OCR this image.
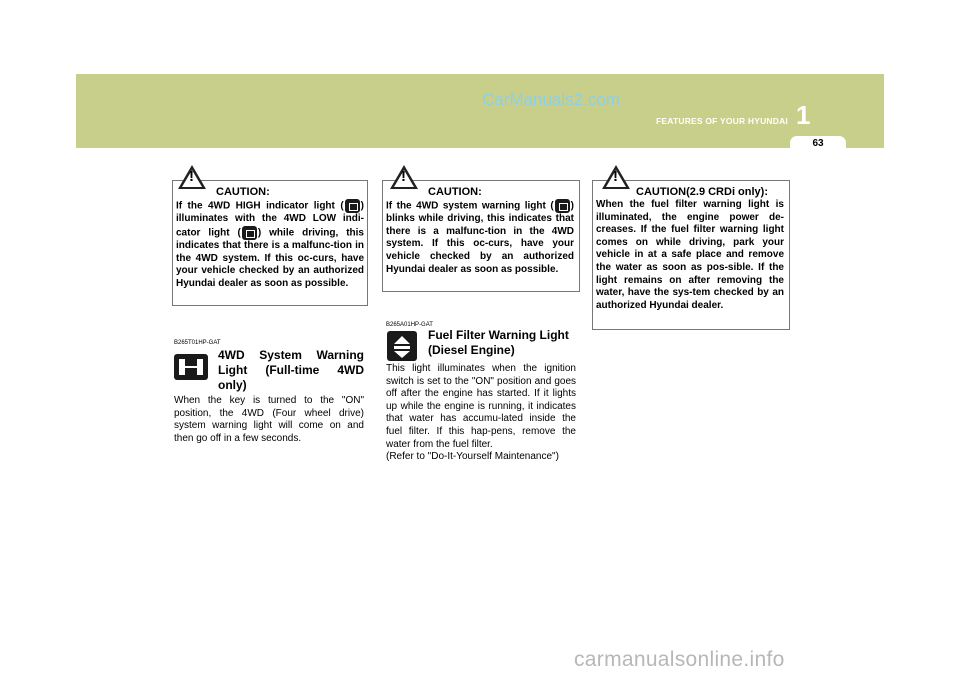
CarManuals2.com
1
FEATURES OF YOUR HYUNDAI
63
!
CAUTION:
If the 4WD HIGH indicator light ( ) illuminates with the 4WD LOW indi-cator light ( ) while driving, this indicates that there is a malfunc-tion in the 4WD system. If this oc-curs, have your vehicle checked by an authorized Hyundai dealer as soon as possible.
!
CAUTION:
If the 4WD system warning light ( ) blinks while driving, this indicates that there is a malfunc-tion in the 4WD system. If this oc-curs, have your vehicle checked by an authorized Hyundai dealer as soon as possible.
!
CAUTION(2.9 CRDi only):
When the fuel filter warning light is illuminated, the engine power de-creases. If the fuel filter warning light comes on while driving, park your vehicle in at a safe place and remove the water as soon as pos-sible. If the light remains on after removing the water, have the sys-tem checked by an authorized Hyundai dealer.
B265T01HP-GAT
4WD System Warning Light (Full-time 4WD only)
When the key is turned to the "ON" position, the 4WD (Four wheel drive) system warning light will come on and then go off in a few seconds.
B265A01HP-GAT
Fuel Filter Warning Light (Diesel Engine)
This light illuminates when the ignition switch is set to the "ON" position and goes off after the engine has started. If it lights up while the engine is running, it indicates that water has accumu-lated inside the fuel filter. If this hap-pens, remove the water from the fuel filter.
(Refer to "Do-It-Yourself Maintenance")
carmanualsonline.info
